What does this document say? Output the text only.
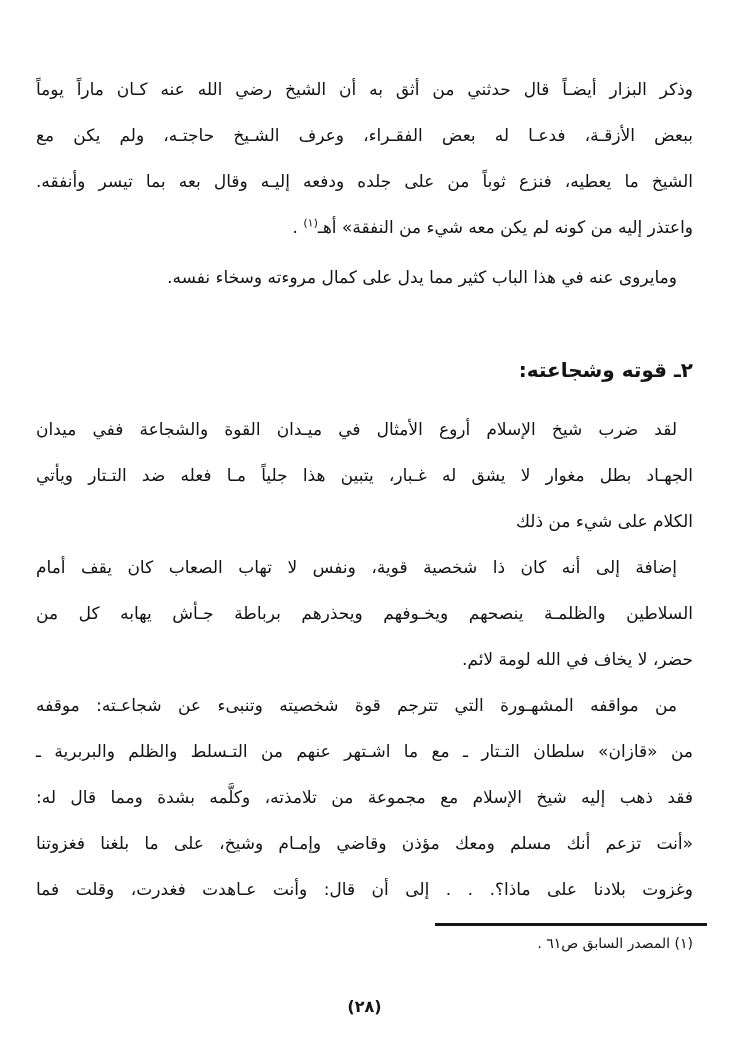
وذكر البزار أيضـاً قال حدثني من أثق به أن الشيخ رضي الله عنه كـان ماراً يوماً
ببعض الأزقـة، فدعـا له بعض الفقـراء، وعرف الشـيخ حاجتـه، ولم يكن مع
الشيخ ما يعطيه، فنزع ثوباً من على جلده ودفعه إليـه وقال بعه بما تيسر وأنفقه.
واعتذر إليه من كونه لم يكن معه شيء من النفقة» أهـ$^{(١)}$ .
ومايروى عنه في هذا الباب كثير مما يدل على كمال مروءته وسخاء نفسه.
٢ـ قوته وشجاعته:
لقد ضرب شيخ الإسلام أروع الأمثال في ميـدان القوة والشجاعة ففي ميدان
الجهـاد بطل مغوار لا يشق له غـبار، يتبين هذا جلياً مـا فعله ضد التـتار ويأتي
الكلام على شيء من ذلك
إضافة إلى أنه كان ذا شخصية قوية، ونفس لا تهاب الصعاب كان يقف أمام
السلاطين والظلمـة ينصحهم ويخـوفهم ويحذرهم برباطة جـأش يهابه كل من
حضر، لا يخاف في الله لومة لائم.
من مواقفه المشهـورة التي تترجم قوة شخصيته وتنبىء عن شجاعـته: موقفه
من «قازان» سلطان التـتار ـ مع ما اشـتهر عنهم من التـسلط والظلم والبربرية ـ
فقد ذهب إليه شيخ الإسلام مع مجموعة من تلامذته، وكلَّمه بشدة ومما قال له:
«أنت تزعم أنك مسلم ومعك مؤذن وقاضي وإمـام وشيخ، على ما بلغنا فغزوتنا
وغزوت بلادنا على ماذا؟. . . إلى أن قال: وأنت عـاهدت فغدرت، وقلت فما
(١) المصدر السابق ص٦١ .
(٢٨)
